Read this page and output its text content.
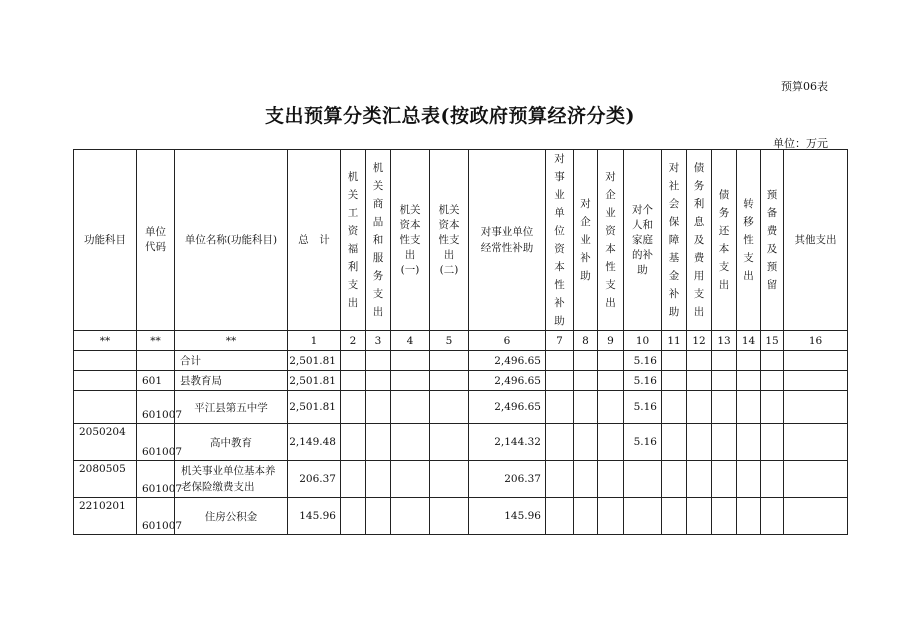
预算06表
支出预算分类汇总表(按政府预算经济分类)
单位：万元
功能科目	单位代码	单位名称(功能科目)	总　计	机关工资福利支出	机关商品和服务支出	机关资本性支出(一)	机关资本性支出(二)	对事业单位经常性补助	对事业单位资本性补助	对企业补助	对企业资本性支出	对个人和家庭的补助	对社会保障基金补助	债务利息及费用支出	债务还本支出	转移性支出	预备费及预留	其他支出

**	**	**	1	2	3	4	5	6	7	8	9	10	11	12	13	14	15	16
		合计	2,501.81					2,496.65				5.16						
	601	县教育局	2,501.81					2,496.65				5.16						
	601007	平江县第五中学	2,501.81					2,496.65				5.16						
2050204	601007	高中教育	2,149.48					2,144.32				5.16						
2080505	601007	机关事业单位基本养老保险缴费支出	206.37					206.37										
2210201	601007	住房公积金	145.96					145.96										
